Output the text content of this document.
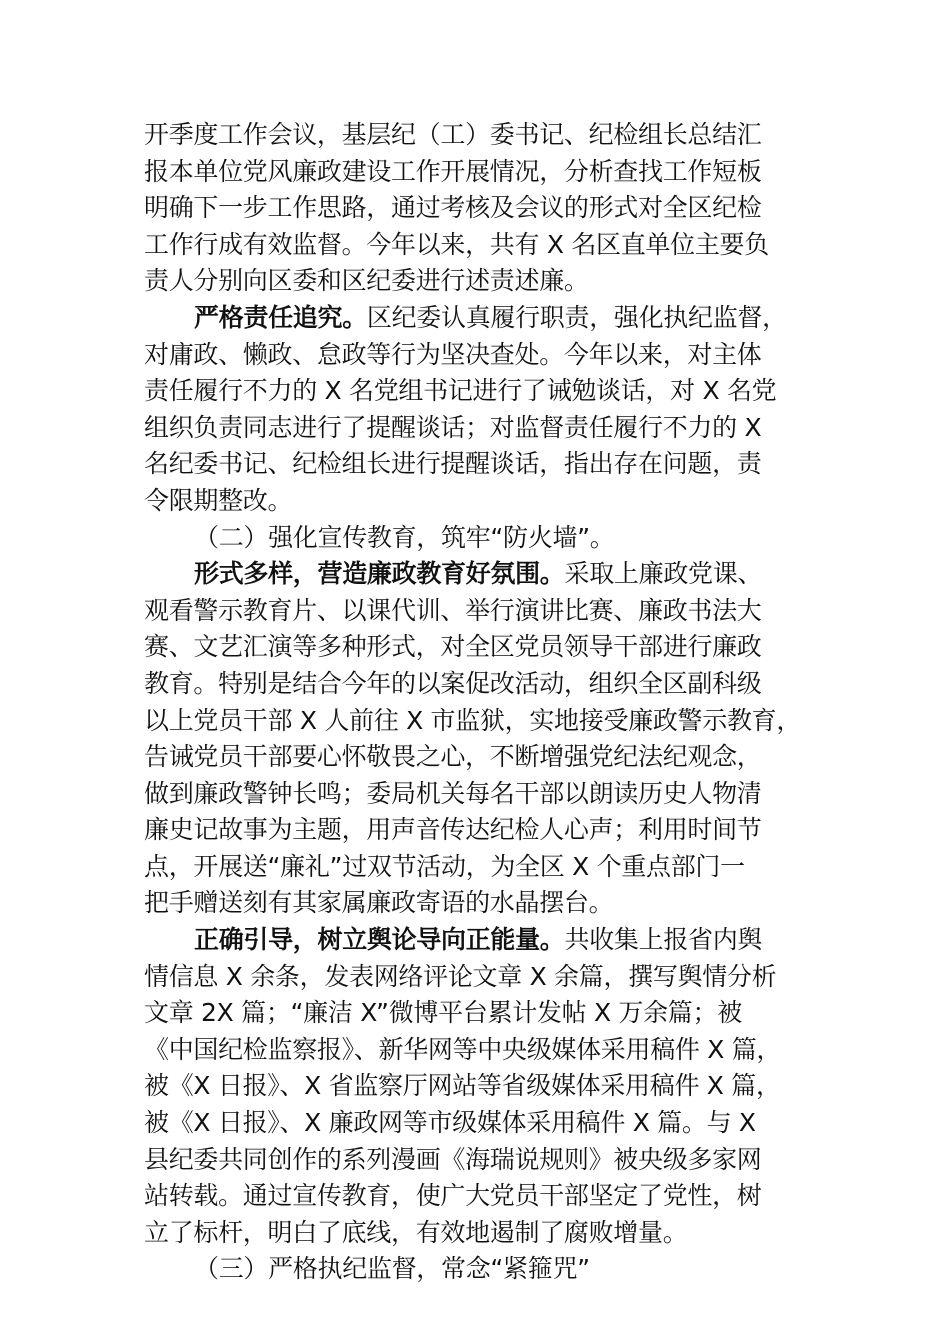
开季度工作会议，基层纪（工）委书记、纪检组长总结汇
报本单位党风廉政建设工作开展情况，分析查找工作短板
明确下一步工作思路，通过考核及会议的形式对全区纪检
工作行成有效监督。今年以来，共有 X 名区直单位主要负
责人分别向区委和区纪委进行述责述廉。
严格责任追究。区纪委认真履行职责，强化执纪监督，
对庸政、懒政、怠政等行为坚决查处。今年以来，对主体
责任履行不力的 X 名党组书记进行了诫勉谈话，对 X 名党
组织负责同志进行了提醒谈话；对监督责任履行不力的 X
名纪委书记、纪检组长进行提醒谈话，指出存在问题，责
令限期整改。
（二）强化宣传教育，筑牢“防火墙”。
形式多样，营造廉政教育好氛围。采取上廉政党课、
观看警示教育片、以课代训、举行演讲比赛、廉政书法大
赛、文艺汇演等多种形式，对全区党员领导干部进行廉政
教育。特别是结合今年的以案促改活动，组织全区副科级
以上党员干部 X 人前往 X 市监狱，实地接受廉政警示教育，
告诫党员干部要心怀敬畏之心，不断增强党纪法纪观念，
做到廉政警钟长鸣；委局机关每名干部以朗读历史人物清
廉史记故事为主题，用声音传达纪检人心声；利用时间节
点，开展送“廉礼”过双节活动，为全区 X 个重点部门一
把手赠送刻有其家属廉政寄语的水晶摆台。
正确引导，树立舆论导向正能量。共收集上报省内舆
情信息 X 余条，发表网络评论文章 X 余篇，撰写舆情分析
文章 2X 篇；“廉洁 X”微博平台累计发帖 X 万余篇；被
《中国纪检监察报》、新华网等中央级媒体采用稿件 X 篇，
被《X 日报》、X 省监察厅网站等省级媒体采用稿件 X 篇，
被《X 日报》、X 廉政网等市级媒体采用稿件 X 篇。与 X
县纪委共同创作的系列漫画《海瑞说规则》被央级多家网
站转载。通过宣传教育，使广大党员干部坚定了党性，树
立了标杆，明白了底线，有效地遏制了腐败增量。
（三）严格执纪监督，常念“紧箍咒”
